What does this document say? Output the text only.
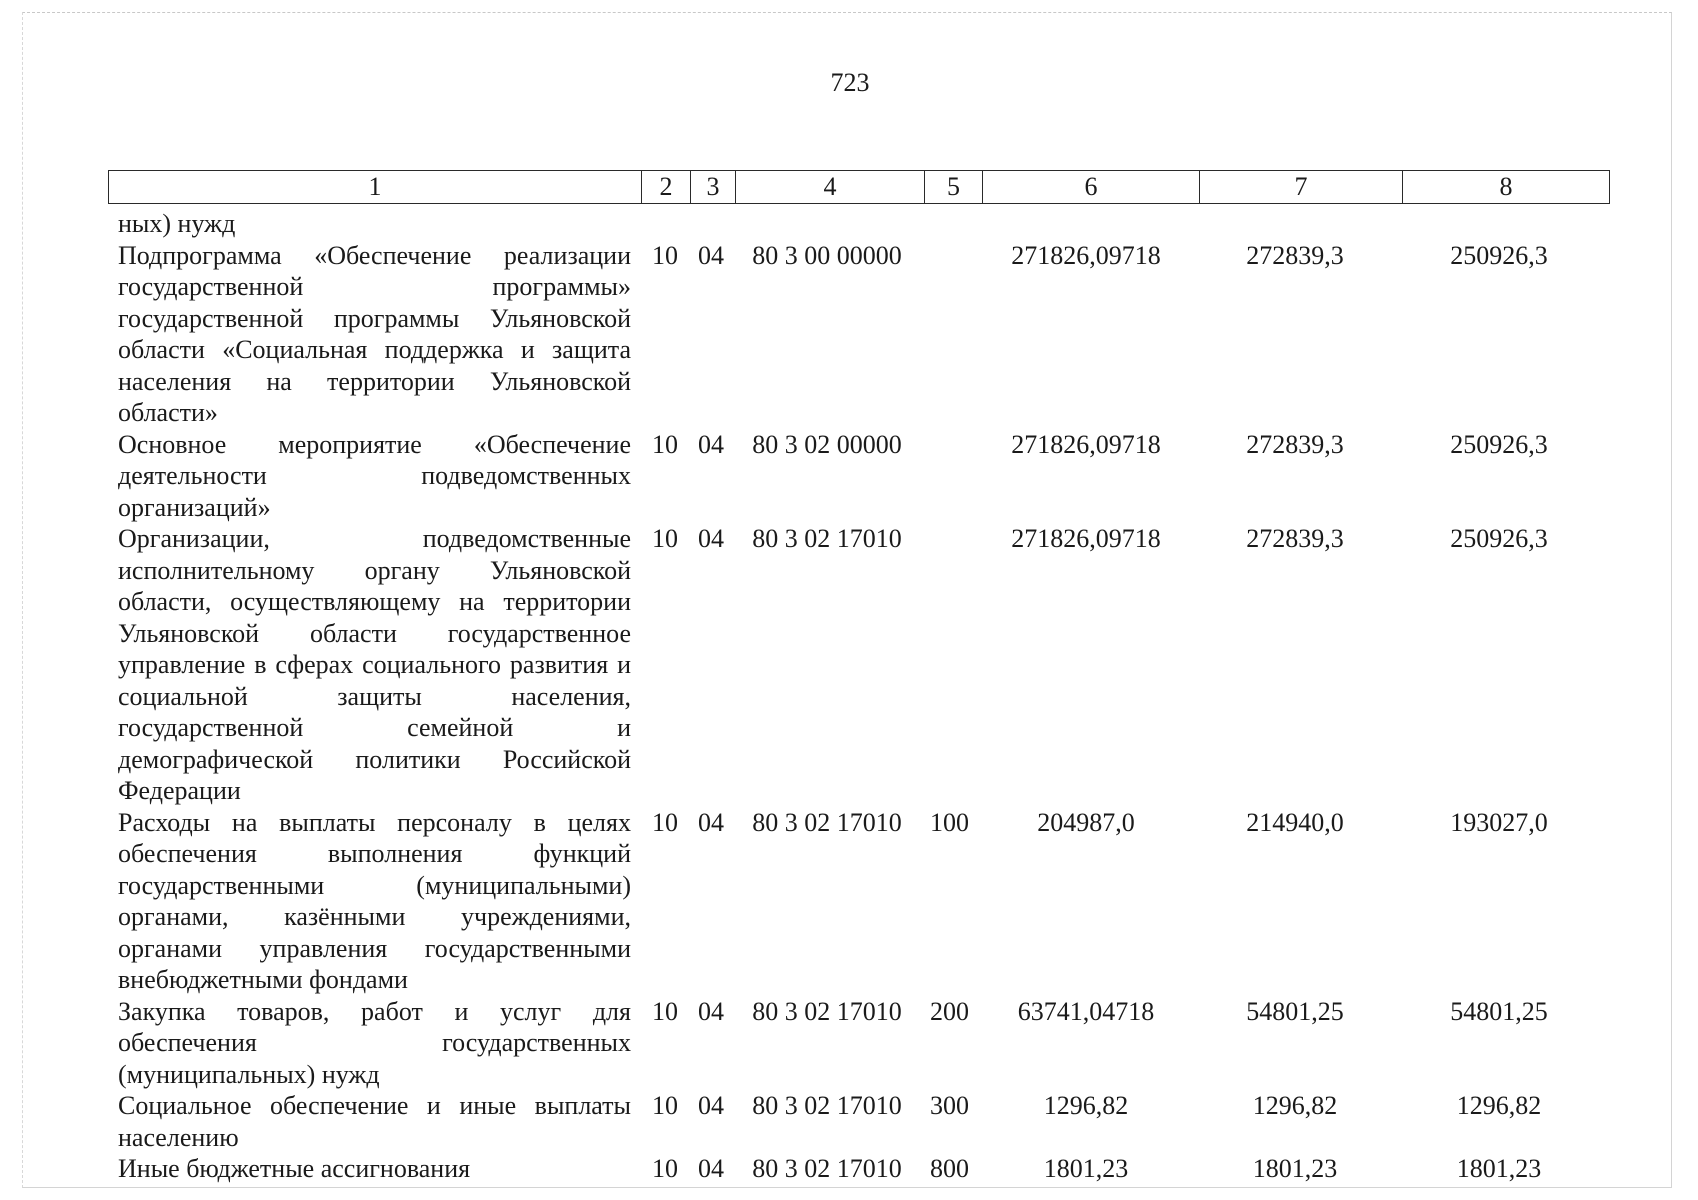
723
1	2	3	4	5	6	7	8
ных) нужд							
Подпрограмма «Обеспечение реализации государственной программы» государственной программы Ульяновской области «Социальная поддержка и защита населения на территории Ульяновской области»	10	04	80 3 00 00000		271826,09718	272839,3	250926,3
Основное мероприятие «Обеспечение деятельности подведомственных организаций»	10	04	80 3 02 00000		271826,09718	272839,3	250926,3
Организации, подведомственные исполнительному органу Ульяновской области, осуществляющему на территории Ульяновской области государственное управление в сферах социального развития и социальной защиты населения, государственной семейной и демографической политики Российской Федерации	10	04	80 3 02 17010		271826,09718	272839,3	250926,3
Расходы на выплаты персоналу в целях обеспечения выполнения функций государственными (муниципальными) органами, казёнными учреждениями, органами управления государственными внебюджетными фондами	10	04	80 3 02 17010	100	204987,0	214940,0	193027,0
Закупка товаров, работ и услуг для обеспечения государственных (муниципальных) нужд	10	04	80 3 02 17010	200	63741,04718	54801,25	54801,25
Социальное обеспечение и иные выплаты населению	10	04	80 3 02 17010	300	1296,82	1296,82	1296,82
Иные бюджетные ассигнования	10	04	80 3 02 17010	800	1801,23	1801,23	1801,23
